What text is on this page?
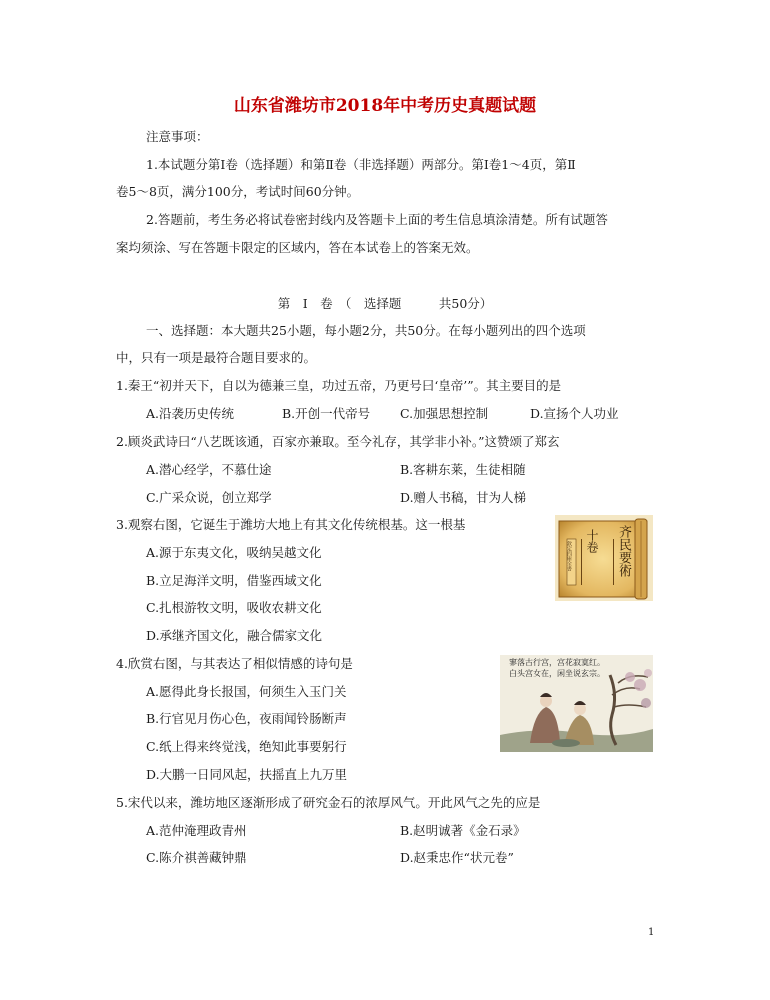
山东省潍坊市2018年中考历史真题试题
注意事项：
1.本试题分第Ⅰ卷（选择题）和第Ⅱ卷（非选择题）两部分。第Ⅰ卷1～4页，第Ⅱ
卷5～8页，满分100分，考试时间60分钟。
2.答题前，考生务必将试卷密封线内及答题卡上面的考生信息填涂清楚。所有试题答
案均须涂、写在答题卡限定的区域内，答在本试卷上的答案无效。
第　Ⅰ　卷　（　选择题　　　共50分）
一、选择题：本大题共25小题，每小题2分，共50分。在每小题列出的四个选项
中，只有一项是最符合题目要求的。
1.秦王“初并天下，自以为德兼三皇，功过五帝，乃更号曰‘皇帝’”。其主要目的是
A.沿袭历史传统	B.开创一代帝号 C.加强思想控制	D.宣扬个人功业
2.顾炎武诗曰“八艺既该通，百家亦兼取。至今礼存，其学非小补。”这赞颂了郑玄
A.潜心经学，不慕仕途	B.客耕东莱，生徒相随
C.广采众说，创立郑学	D.赠人书稿，甘为人梯
3.观察右图，它诞生于潍坊大地上有其文化传统根基。这一根基
A.源于东夷文化，吸纳吴越文化
B.立足海洋文明，借鉴西域文化
C.扎根游牧文明，吸收农耕文化
D.承继齐国文化，融合儒家文化
欽定四庫全書 十卷 齐民要術
4.欣赏右图，与其表达了相似情感的诗句是
A.愿得此身长报国，何须生入玉门关
B.行官见月伤心色，夜雨闻铃肠断声
C.纸上得来终觉浅，绝知此事要躬行
D.大鹏一日同风起，扶摇直上九万里
寥落古行宫，宫花寂寞红。
白头宫女在，闲坐说玄宗。
5.宋代以来，潍坊地区逐渐形成了研究金石的浓厚风气。开此风气之先的应是
A.范仲淹理政青州	B.赵明诚著《金石录》
C.陈介祺善藏钟鼎	D.赵秉忠作“状元卷”
1
